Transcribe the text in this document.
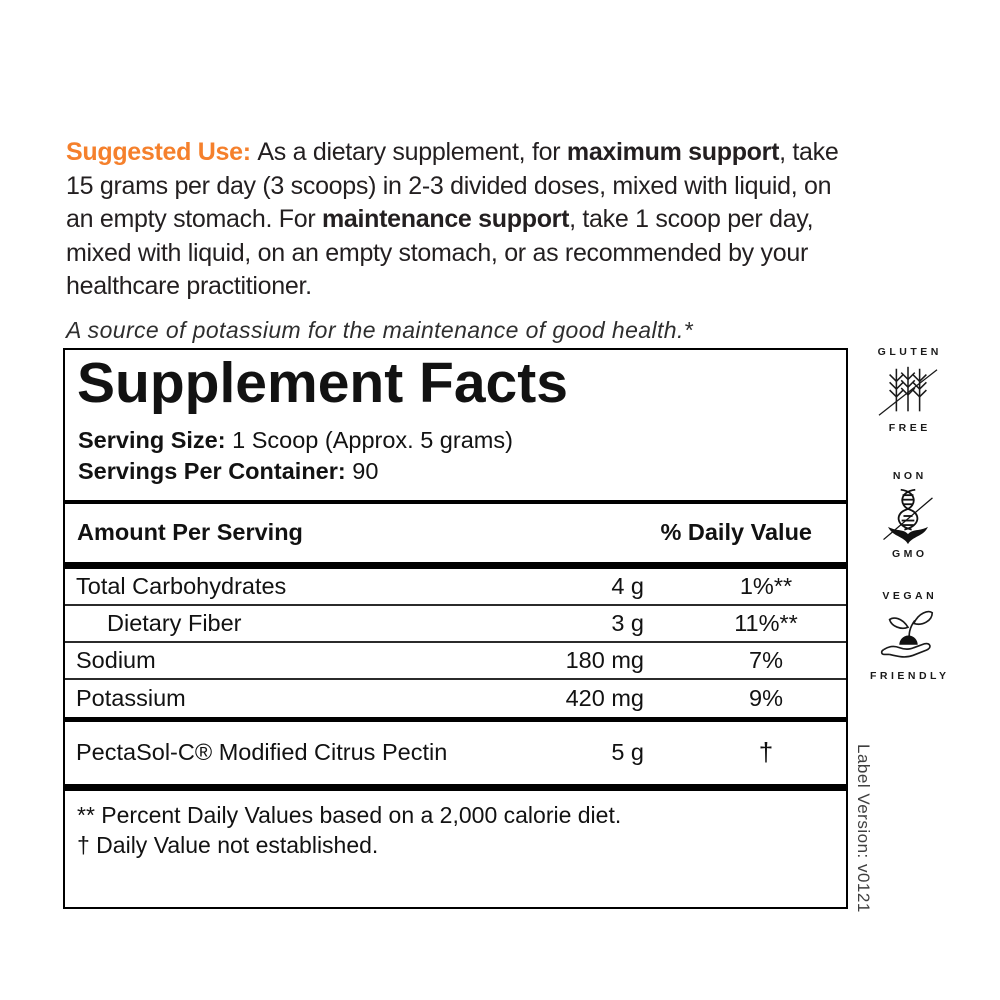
Suggested Use: As a dietary supplement, for maximum support, take 15 grams per day (3 scoops) in 2-3 divided doses, mixed with liquid, on an empty stomach. For maintenance support, take 1 scoop per day, mixed with liquid, on an empty stomach, or as recommended by your healthcare practitioner.

A source of potassium for the maintenance of good health.*

Supplement Facts
Serving Size: 1 Scoop (Approx. 5 grams)
Servings Per Container: 90
Amount Per Serving	% Daily Value
Total Carbohydrates	4 g	1%**
Dietary Fiber	3 g	11%**
Sodium	180 mg	7%
Potassium	420 mg	9%
PectaSol-C® Modified Citrus Pectin	5 g	†
** Percent Daily Values based on a 2,000 calorie diet.
† Daily Value not established.
GLUTEN
FREE
NON
GMO
VEGAN
FRIENDLY
Label Version: v0121
